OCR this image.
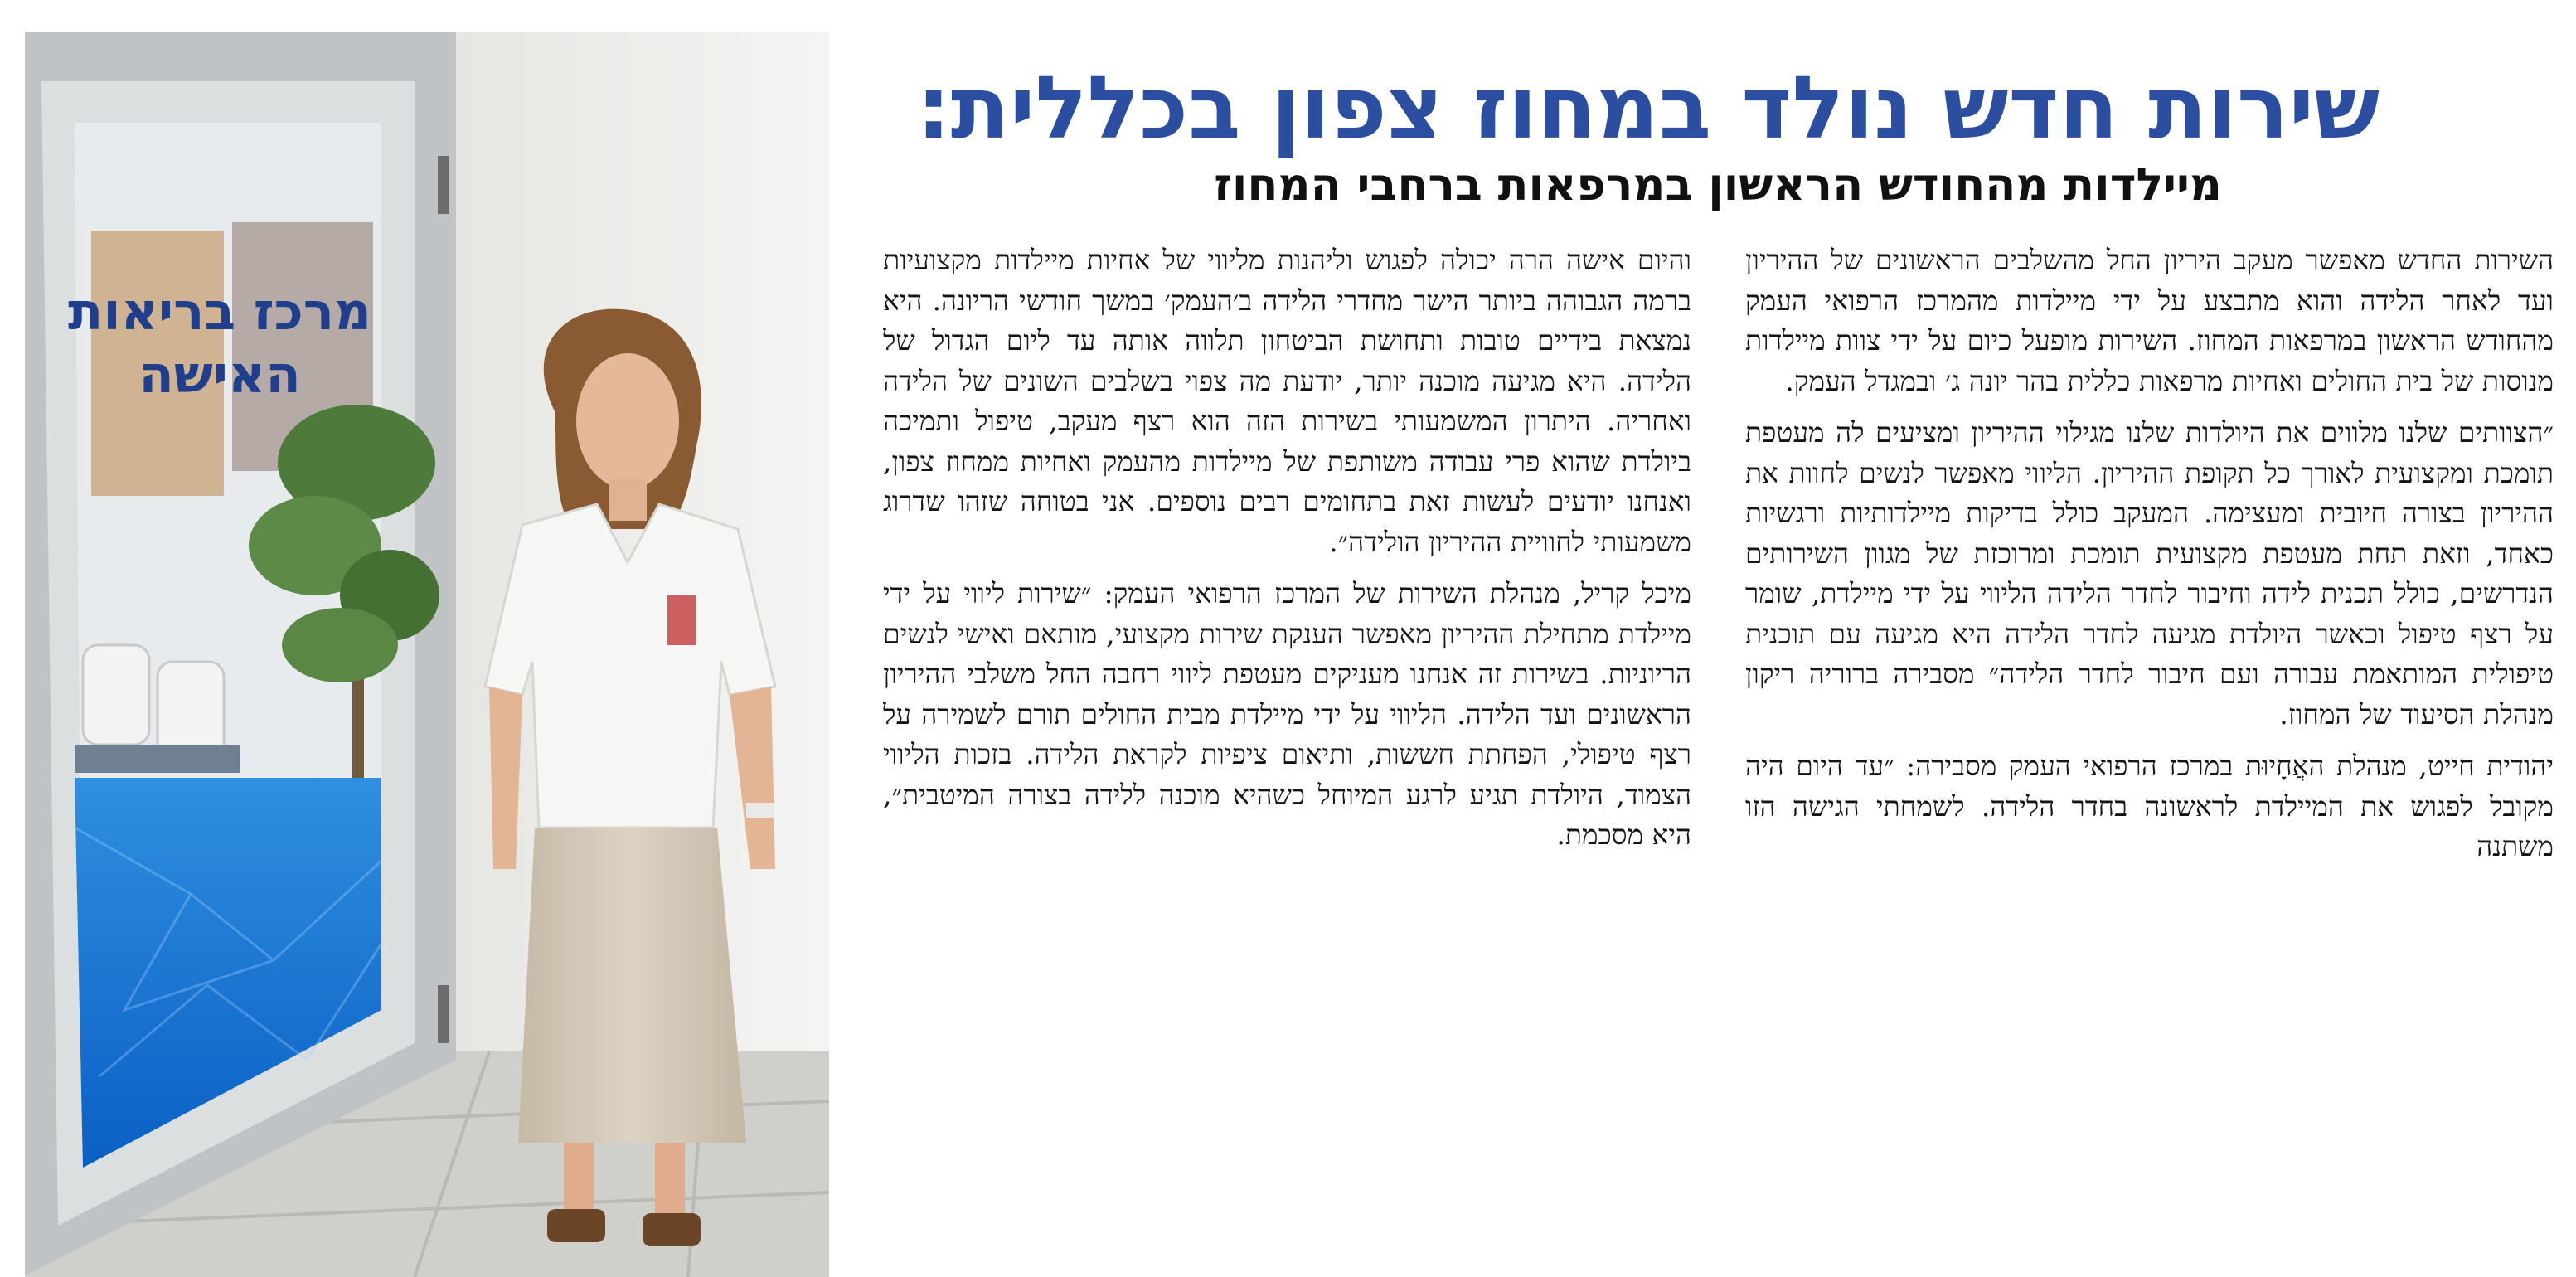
מרכז בריאות
האישה
שירות חדש נולד במחוז צפון בכללית:
מיילדות מהחודש הראשון במרפאות ברחבי המחוז

השירות החדש מאפשר מעקב היריון החל מהשלבים הראשונים של ההיריון ועד לאחר הלידה והוא מתבצע על ידי מיילדות מהמרכז הרפואי העמק מהחודש הראשון במרפאות המחוז. השירות מופעל כיום על ידי צוות מיילדות מנוסות של בית החולים ואחיות מרפאות כללית בהר יונה ג׳ ובמגדל העמק.

״הצוותים שלנו מלווים את היולדות שלנו מגילוי ההיריון ומציעים לה מעטפת תומכת ומקצועית לאורך כל תקופת ההיריון. הליווי מאפשר לנשים לחוות את ההיריון בצורה חיובית ומעצימה. המעקב כולל בדיקות מיילדותיות ורגשיות כאחד, וזאת תחת מעטפת מקצועית תומכת ומרוכזת של מגוון השירותים הנדרשים, כולל תכנית לידה וחיבור לחדר הלידה הליווי על ידי מיילדת, שומר על רצף טיפול וכאשר היולדת מגיעה לחדר הלידה היא מגיעה עם תוכנית טיפולית המותאמת עבורה ועם חיבור לחדר הלידה״ מסבירה ברוריה ריקון מנהלת הסיעוד של המחוז.

יהודית חייט, מנהלת האֲחָיוּת במרכז הרפואי העמק מסבירה: ״עד היום היה מקובל לפגוש את המיילדת לראשונה בחדר הלידה. לשמחתי הגישה הזו משתנה

והיום אישה הרה יכולה לפגוש וליהנות מליווי של אחיות מיילדות מקצועיות ברמה הגבוהה ביותר הישר מחדרי הלידה ב׳העמק׳ במשך חודשי הריונה. היא נמצאת בידיים טובות ותחושת הביטחון תלווה אותה עד ליום הגדול של הלידה. היא מגיעה מוכנה יותר, יודעת מה צפוי בשלבים השונים של הלידה ואחריה. היתרון המשמעותי בשירות הזה הוא רצף מעקב, טיפול ותמיכה ביולדת שהוא פרי עבודה משותפת של מיילדות מהעמק ואחיות ממחוז צפון, ואנחנו יודעים לעשות זאת בתחומים רבים נוספים. אני בטוחה שזהו שדרוג משמעותי לחוויית ההיריון הולידה״.

מיכל קריל, מנהלת השירות של המרכז הרפואי העמק: ״שירות ליווי על ידי מיילדת מתחילת ההיריון מאפשר הענקת שירות מקצועי, מותאם ואישי לנשים הריוניות. בשירות זה אנחנו מעניקים מעטפת ליווי רחבה החל משלבי ההיריון הראשונים ועד הלידה. הליווי על ידי מיילדת מבית החולים תורם לשמירה על רצף טיפולי, הפחתת חששות, ותיאום ציפיות לקראת הלידה. בזכות הליווי הצמוד, היולדת תגיע לרגע המיוחל כשהיא מוכנה ללידה בצורה המיטבית״, היא מסכמת.
